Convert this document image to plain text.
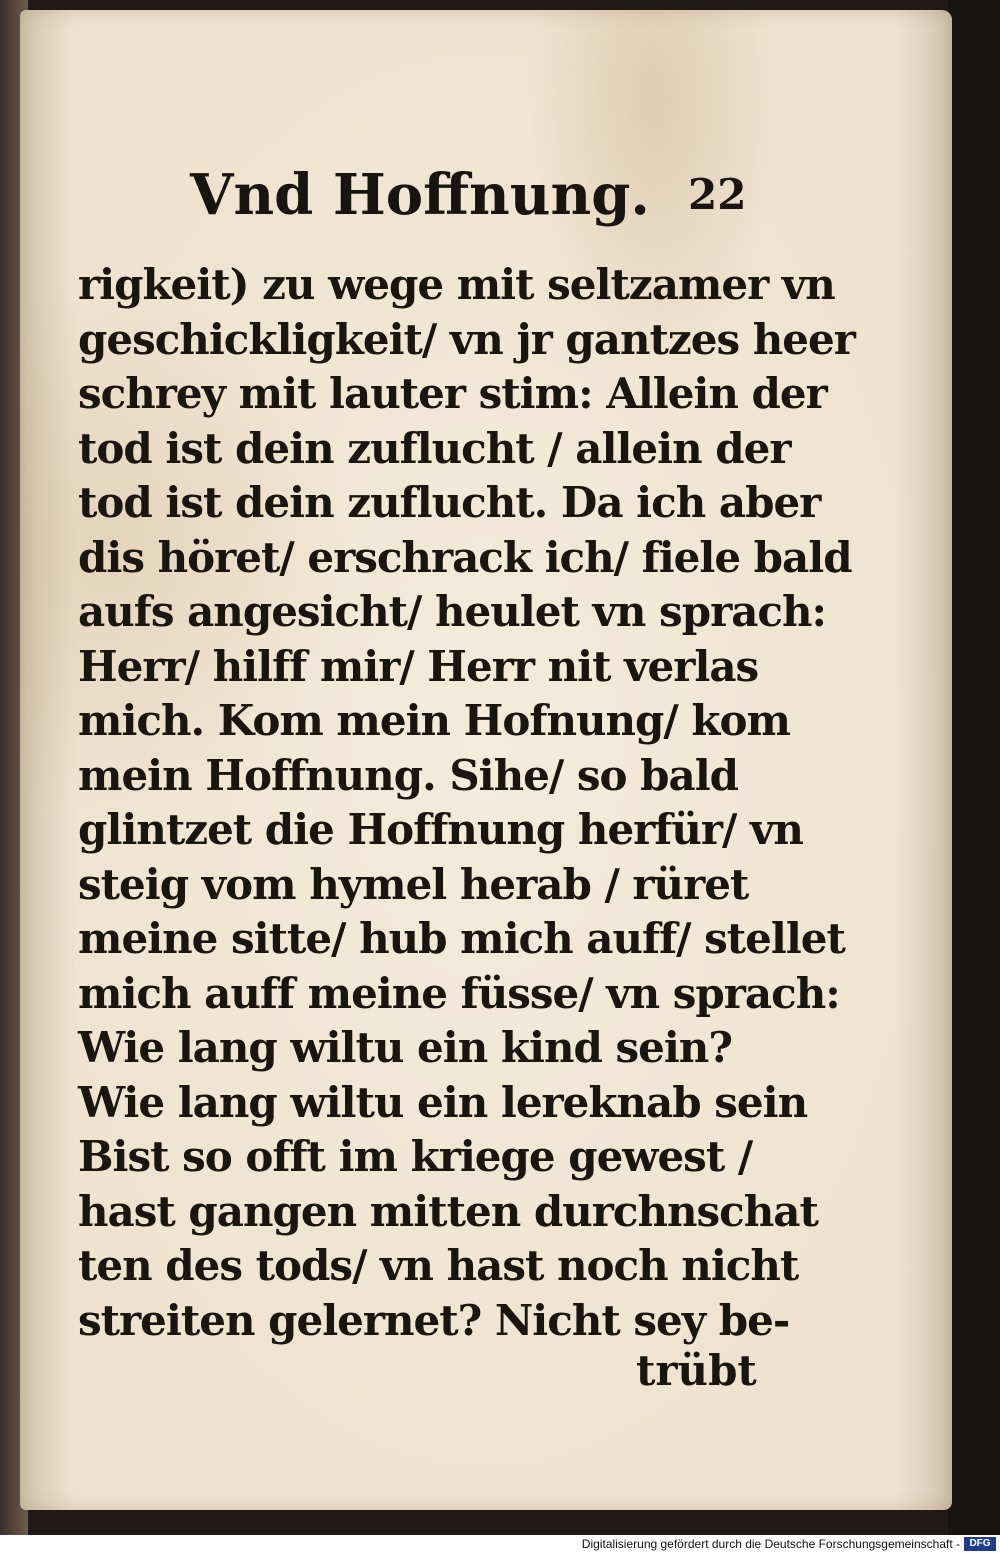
Vnd Hoffnung. 22
rigkeit) zu wege mit seltzamer vn
geschickligkeit/ vn jr gantzes heer
schrey mit lauter stim: Allein der
tod ist dein zuflucht / allein der
tod ist dein zuflucht. Da ich aber
dis höret/ erschrack ich/ fiele bald
aufs angesicht/ heulet vn sprach:
Herr/ hilff mir/ Herr nit verlas
mich. Kom mein Hofnung/ kom
mein Hoffnung. Sihe/ so bald
glintzet die Hoffnung herfür/ vn
steig vom hymel herab / rüret
meine sitte/ hub mich auff/ stellet
mich auff meine füsse/ vn sprach:
Wie lang wiltu ein kind sein?
Wie lang wiltu ein lereknab sein
Bist so offt im kriege gewest /
hast gangen mitten durchnschat
ten des tods/ vn hast noch nicht
streiten gelernet? Nicht sey be-
trübt
Digitalisierung gefördert durch die Deutsche Forschungsgemeinschaft - DFG
